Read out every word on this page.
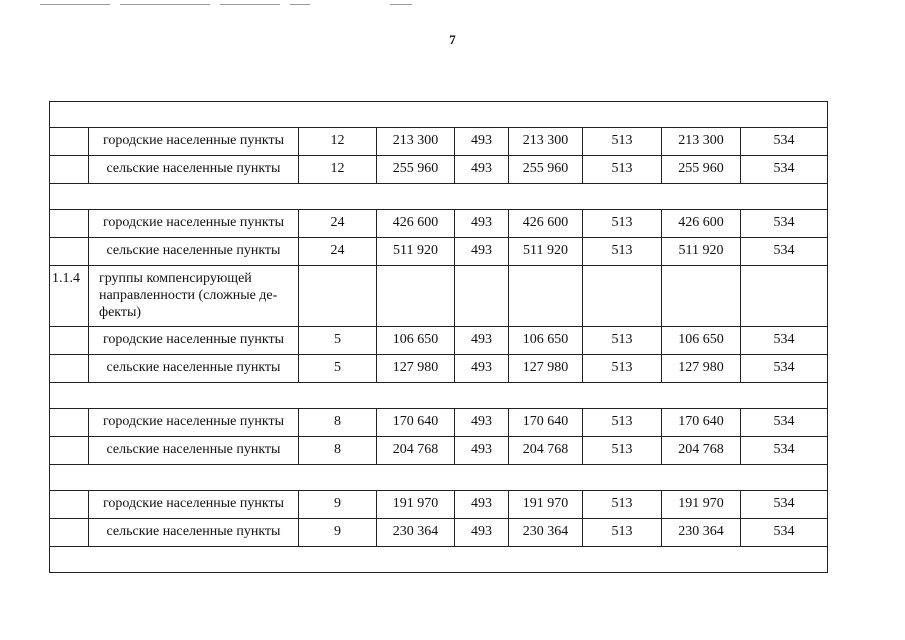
7

	городские населенные пункты	12	213 300	493	213 300	513	213 300	534
	сельские населенные пункты	12	255 960	493	255 960	513	255 960	534

	городские населенные пункты	24	426 600	493	426 600	513	426 600	534
	сельские населенные пункты	24	511 920	493	511 920	513	511 920	534
1.1.4	группы компенсирующей направленности (сложные де-фекты)							
	городские населенные пункты	5	106 650	493	106 650	513	106 650	534
	сельские населенные пункты	5	127 980	493	127 980	513	127 980	534

	городские населенные пункты	8	170 640	493	170 640	513	170 640	534
	сельские населенные пункты	8	204 768	493	204 768	513	204 768	534

	городские населенные пункты	9	191 970	493	191 970	513	191 970	534
	сельские населенные пункты	9	230 364	493	230 364	513	230 364	534
